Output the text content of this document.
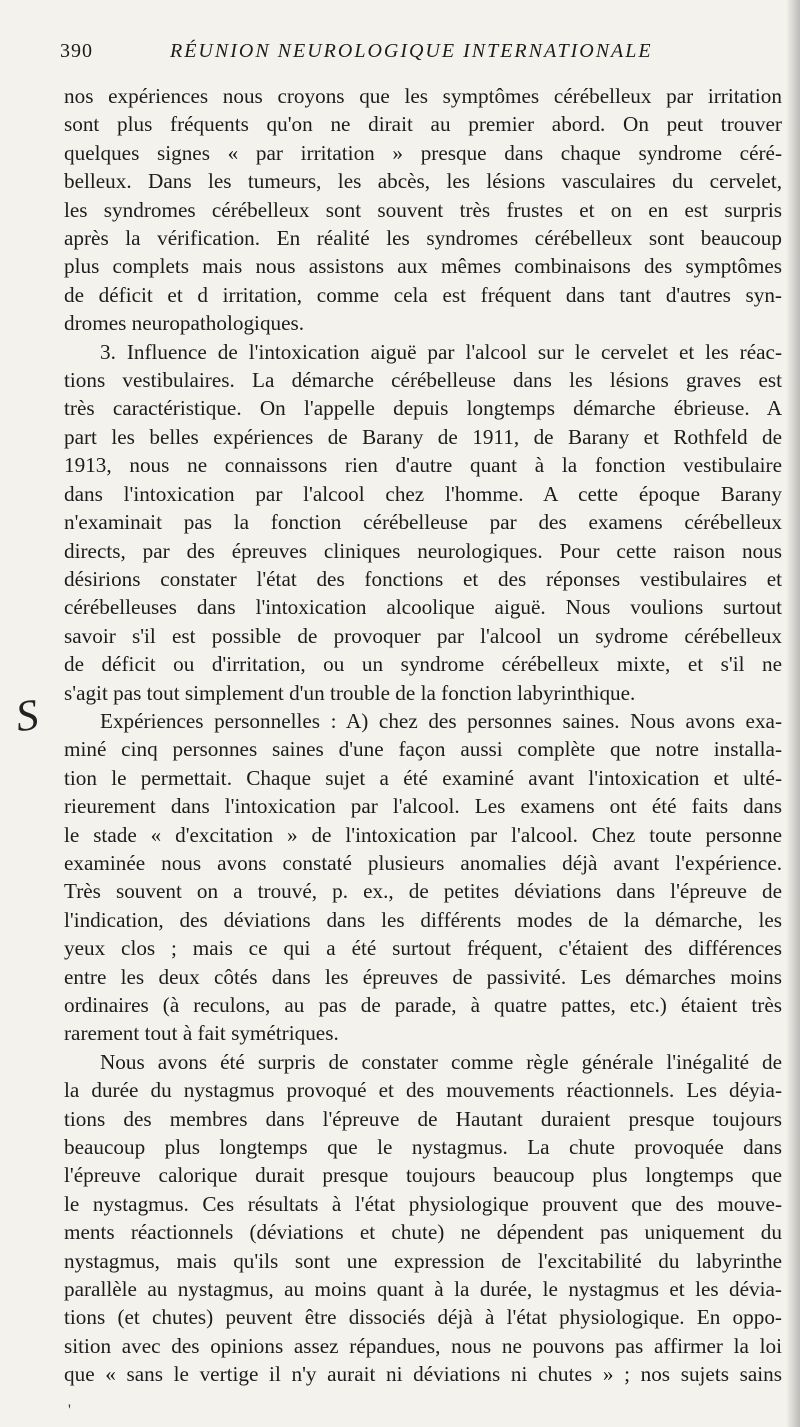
390	RÉUNION NEUROLOGIQUE INTERNATIONALE
S
nos expériences nous croyons que les symptômes cérébelleux par irritation
sont plus fréquents qu'on ne dirait au premier abord. On peut trouver
quelques signes « par irritation » presque dans chaque syndrome céré-
belleux. Dans les tumeurs, les abcès, les lésions vasculaires du cervelet,
les syndromes cérébelleux sont souvent très frustes et on en est surpris
après la vérification. En réalité les syndromes cérébelleux sont beaucoup
plus complets mais nous assistons aux mêmes combinaisons des symptômes
de déficit et d irritation, comme cela est fréquent dans tant d'autres syn-
dromes neuropathologiques.
3. Influence de l'intoxication aiguë par l'alcool sur le cervelet et les réac-
tions vestibulaires. La démarche cérébelleuse dans les lésions graves est
très caractéristique. On l'appelle depuis longtemps démarche ébrieuse. A
part les belles expériences de Barany de 1911, de Barany et Rothfeld de
1913, nous ne connaissons rien d'autre quant à la fonction vestibulaire
dans l'intoxication par l'alcool chez l'homme. A cette époque Barany
n'examinait pas la fonction cérébelleuse par des examens cérébelleux
directs, par des épreuves cliniques neurologiques. Pour cette raison nous
désirions constater l'état des fonctions et des réponses vestibulaires et
cérébelleuses dans l'intoxication alcoolique aiguë. Nous voulions surtout
savoir s'il est possible de provoquer par l'alcool un sydrome cérébelleux
de déficit ou d'irritation, ou un syndrome cérébelleux mixte, et s'il ne
s'agit pas tout simplement d'un trouble de la fonction labyrinthique.
Expériences personnelles : A) chez des personnes saines. Nous avons exa-
miné cinq personnes saines d'une façon aussi complète que notre installa-
tion le permettait. Chaque sujet a été examiné avant l'intoxication et ulté-
rieurement dans l'intoxication par l'alcool. Les examens ont été faits dans
le stade « d'excitation » de l'intoxication par l'alcool. Chez toute personne
examinée nous avons constaté plusieurs anomalies déjà avant l'expérience.
Très souvent on a trouvé, p. ex., de petites déviations dans l'épreuve de
l'indication, des déviations dans les différents modes de la démarche, les
yeux clos ; mais ce qui a été surtout fréquent, c'étaient des différences
entre les deux côtés dans les épreuves de passivité. Les démarches moins
ordinaires (à reculons, au pas de parade, à quatre pattes, etc.) étaient très
rarement tout à fait symétriques.
Nous avons été surpris de constater comme règle générale l'inégalité de
la durée du nystagmus provoqué et des mouvements réactionnels. Les déyia-
tions des membres dans l'épreuve de Hautant duraient presque toujours
beaucoup plus longtemps que le nystagmus. La chute provoquée dans
l'épreuve calorique durait presque toujours beaucoup plus longtemps que
le nystagmus. Ces résultats à l'état physiologique prouvent que des mouve-
ments réactionnels (déviations et chute) ne dépendent pas uniquement du
nystagmus, mais qu'ils sont une expression de l'excitabilité du labyrinthe
parallèle au nystagmus, au moins quant à la durée, le nystagmus et les dévia-
tions (et chutes) peuvent être dissociés déjà à l'état physiologique. En oppo-
sition avec des opinions assez répandues, nous ne pouvons pas affirmer la loi
que « sans le vertige il n'y aurait ni déviations ni chutes » ; nos sujets sains
'
